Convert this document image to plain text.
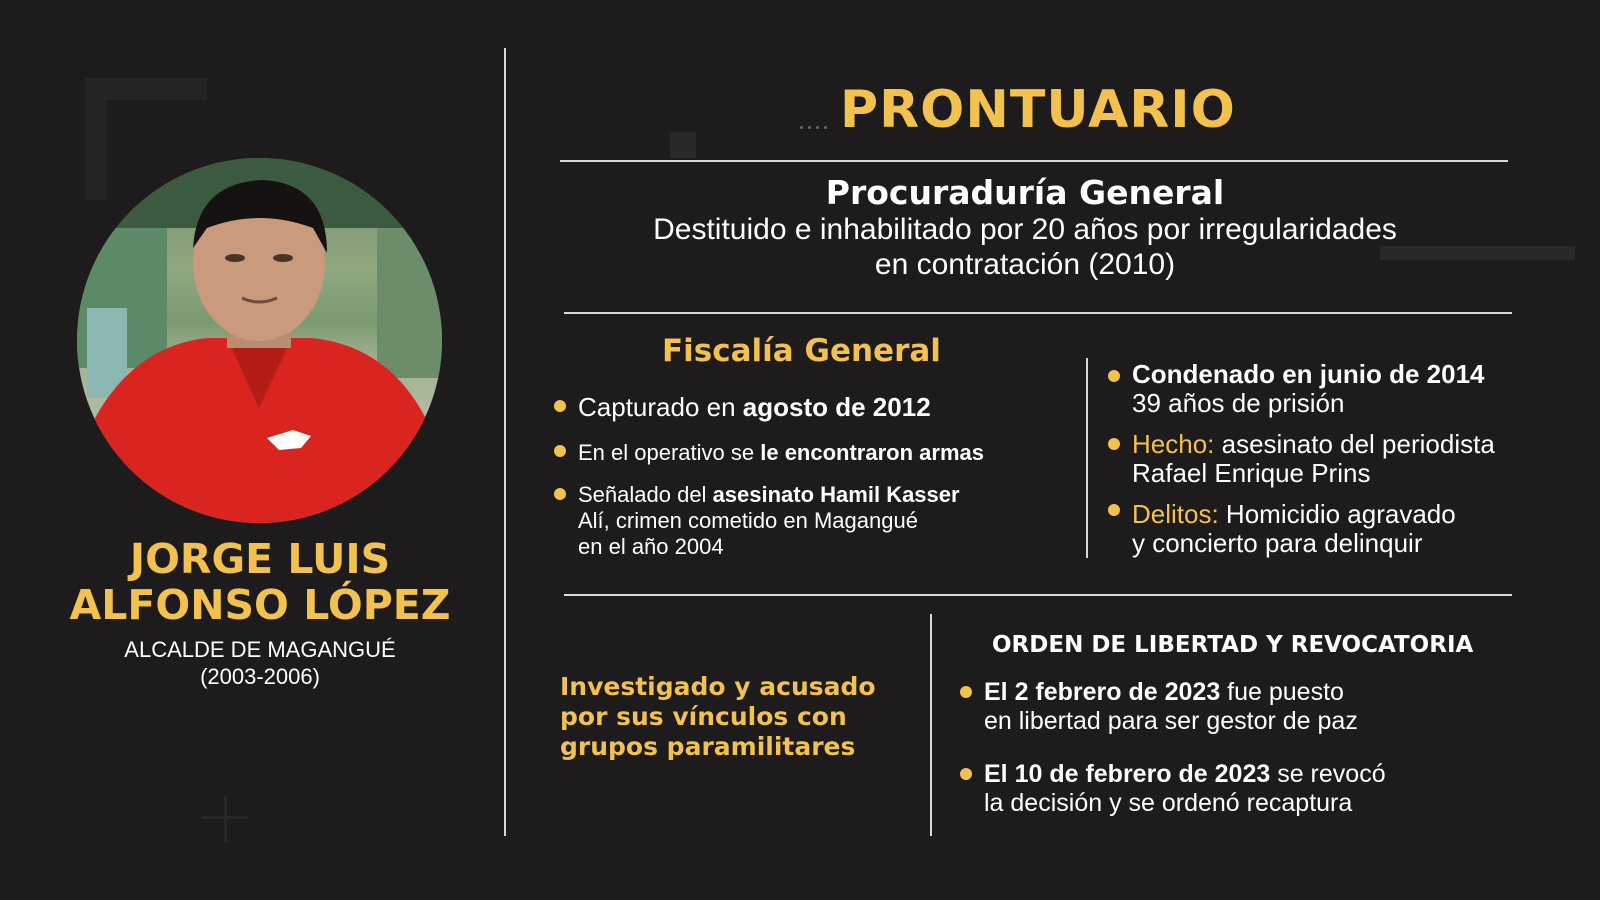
JORGE LUIS
ALFONSO LÓPEZ
ALCALDE DE MAGANGUÉ
(2003-2006)
PRONTUARIO
Procuraduría General
Destituido e inhabilitado por 20 años por irregularidades
en contratación (2010)
Fiscalía General
Capturado en agosto de 2012
En el operativo se le encontraron armas
Señalado del asesinato Hamil Kasser
Alí, crimen cometido en Magangué
en el año 2004
Condenado en junio de 2014
39 años de prisión
Hecho: asesinato del periodista
Rafael Enrique Prins
Delitos: Homicidio agravado
y concierto para delinquir
Investigado y acusado
por sus vínculos con
grupos paramilitares
ORDEN DE LIBERTAD Y REVOCATORIA
El 2 febrero de 2023 fue puesto
en libertad para ser gestor de paz
El 10 de febrero de 2023 se revocó
la decisión y se ordenó recaptura
